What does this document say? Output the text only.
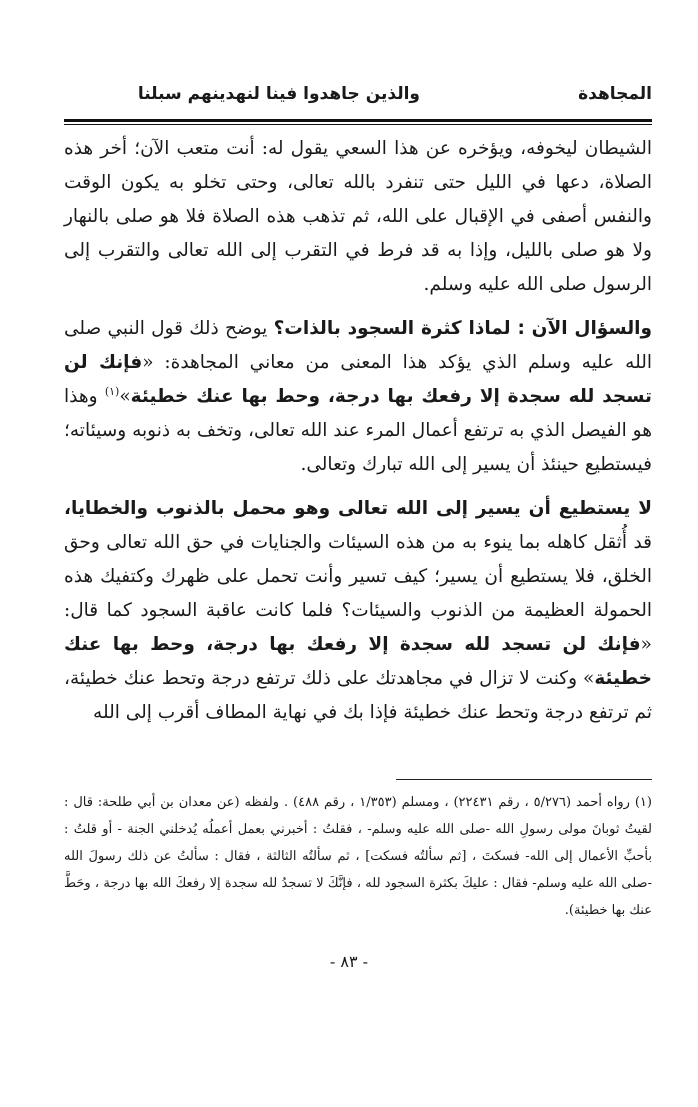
المجاهدة
والذين جاهدوا فينا لنهدينهم سبلنا

الشيطان ليخوفه، ويؤخره عن هذا السعي يقول له: أنت متعب الآن؛ أخر هذه الصلاة، دعها في الليل حتى تنفرد بالله تعالى، وحتى تخلو به يكون الوقت والنفس أصفى في الإقبال على الله، ثم تذهب هذه الصلاة فلا هو صلى بالنهار ولا هو صلى بالليل، وإذا به قد فرط في التقرب إلى الله تعالى والتقرب إلى الرسول صلى الله عليه وسلم.

والسؤال الآن : لماذا كثرة السجود بالذات؟ يوضح ذلك قول النبي صلى الله عليه وسلم الذي يؤكد هذا المعنى من معاني المجاهدة: «فإنك لن تسجد لله سجدة إلا رفعك بها درجة، وحط بها عنك خطيئة»$^{(١)}$ وهذا هو الفيصل الذي به ترتفع أعمال المرء عند الله تعالى، وتخف به ذنوبه وسيئاته؛ فيستطيع حينئذ أن يسير إلى الله تبارك وتعالى.

لا يستطيع أن يسير إلى الله تعالى وهو محمل بالذنوب والخطايا، قد أُثقل كاهله بما ينوء به من هذه السيئات والجنايات في حق الله تعالى وحق الخلق، فلا يستطيع أن يسير؛ كيف تسير وأنت تحمل على ظهرك وكتفيك هذه الحمولة العظيمة من الذنوب والسيئات؟ فلما كانت عاقبة السجود كما قال: «فإنك لن تسجد لله سجدة إلا رفعك بها درجة، وحط بها عنك خطيئة» وكنت لا تزال في مجاهدتك على ذلك ترتفع درجة وتحط عنك خطيئة، ثم ترتفع درجة وتحط عنك خطيئة فإذا بك في نهاية المطاف أقرب إلى الله

(١) رواه أحمد (٥/٢٧٦ ، رقم ٢٢٤٣١) ، ومسلم (١/٣٥٣ ، رقم ٤٨٨) . ولفظه (عن معدان بن أبي طلحة: قال : لقيتُ ثوبانَ مولى رسولِ الله -صلى الله عليه وسلم- ، فقلتُ : أخبرني بعمل أعملُه يُدخلني الجنة - أو قلتُ : بأحبِّ الأعمال إلى الله- فسكتَ ، [ثم سألتُه فسكت] ، ثم سألتُه الثالثة ، فقال : سألتُ عن ذلك رسولَ الله -صلى الله عليه وسلم- فقال : عليكَ بكثرة السجود لله ، فإنَّكَ لا تسجدُ لله سجدة إلا رفعكَ الله بها درجة ، وحَطَّ عنك بها خطيئة).

- ٨٣ -
